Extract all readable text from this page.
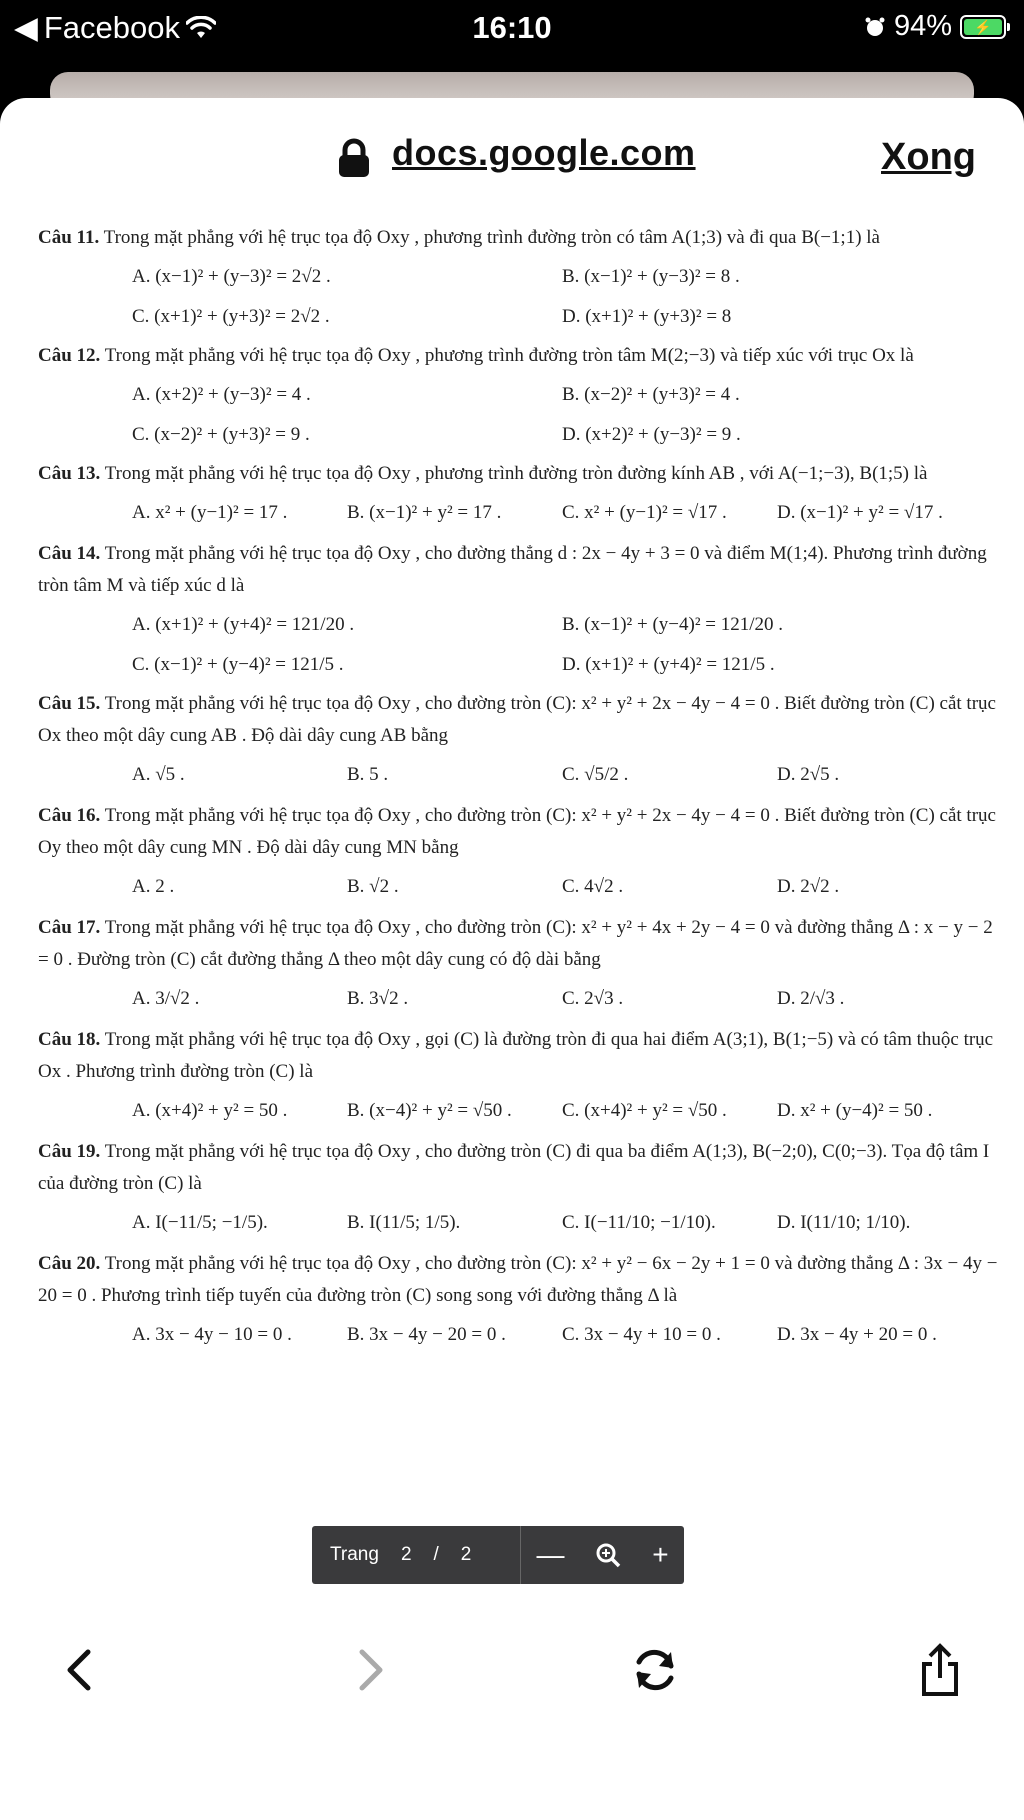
◀ Facebook	16:10	94%	⚡
docs.google.com	Xong

Câu 11. Trong mặt phẳng với hệ trục tọa độ Oxy , phương trình đường tròn có tâm A(1;3) và đi qua B(−1;1) là

A. (x−1)² + (y−3)² = 2√2 .	B. (x−1)² + (y−3)² = 8 .
C. (x+1)² + (y+3)² = 2√2 .	D. (x+1)² + (y+3)² = 8

Câu 12. Trong mặt phẳng với hệ trục tọa độ Oxy , phương trình đường tròn tâm M(2;−3) và tiếp xúc với trục Ox là

A. (x+2)² + (y−3)² = 4 .	B. (x−2)² + (y+3)² = 4 .
C. (x−2)² + (y+3)² = 9 .	D. (x+2)² + (y−3)² = 9 .

Câu 13. Trong mặt phẳng với hệ trục tọa độ Oxy , phương trình đường tròn đường kính AB , với A(−1;−3), B(1;5) là

A. x² + (y−1)² = 17 .	B. (x−1)² + y² = 17 .	C. x² + (y−1)² = √17 .	D. (x−1)² + y² = √17 .

Câu 14. Trong mặt phẳng với hệ trục tọa độ Oxy , cho đường thẳng d : 2x − 4y + 3 = 0 và điểm M(1;4). Phương trình đường tròn tâm M và tiếp xúc d là

A. (x+1)² + (y+4)² = 121/20 .	B. (x−1)² + (y−4)² = 121/20 .
C. (x−1)² + (y−4)² = 121/5 .	D. (x+1)² + (y+4)² = 121/5 .

Câu 15. Trong mặt phẳng với hệ trục tọa độ Oxy , cho đường tròn (C): x² + y² + 2x − 4y − 4 = 0 . Biết đường tròn (C) cắt trục Ox theo một dây cung AB . Độ dài dây cung AB bằng

A. √5 .	B. 5 .	C. √5/2 .	D. 2√5 .

Câu 16. Trong mặt phẳng với hệ trục tọa độ Oxy , cho đường tròn (C): x² + y² + 2x − 4y − 4 = 0 . Biết đường tròn (C) cắt trục Oy theo một dây cung MN . Độ dài dây cung MN bằng

A. 2 .	B. √2 .	C. 4√2 .	D. 2√2 .

Câu 17. Trong mặt phẳng với hệ trục tọa độ Oxy , cho đường tròn (C): x² + y² + 4x + 2y − 4 = 0 và đường thẳng Δ : x − y − 2 = 0 . Đường tròn (C) cắt đường thẳng Δ theo một dây cung có độ dài bằng

A. 3/√2 .	B. 3√2 .	C. 2√3 .	D. 2/√3 .

Câu 18. Trong mặt phẳng với hệ trục tọa độ Oxy , gọi (C) là đường tròn đi qua hai điểm A(3;1), B(1;−5) và có tâm thuộc trục Ox . Phương trình đường tròn (C) là

A. (x+4)² + y² = 50 .	B. (x−4)² + y² = √50 .	C. (x+4)² + y² = √50 .	D. x² + (y−4)² = 50 .

Câu 19. Trong mặt phẳng với hệ trục tọa độ Oxy , cho đường tròn (C) đi qua ba điểm A(1;3), B(−2;0), C(0;−3). Tọa độ tâm I của đường tròn (C) là

A. I(−11/5; −1/5).	B. I(11/5; 1/5).	C. I(−11/10; −1/10).	D. I(11/10; 1/10).

Câu 20. Trong mặt phẳng với hệ trục tọa độ Oxy , cho đường tròn (C): x² + y² − 6x − 2y + 1 = 0 và đường thẳng Δ : 3x − 4y − 20 = 0 . Phương trình tiếp tuyến của đường tròn (C) song song với đường thẳng Δ là

A. 3x − 4y − 10 = 0 .	B. 3x − 4y − 20 = 0 .	C. 3x − 4y + 10 = 0 .	D. 3x − 4y + 20 = 0 .
Trang 2 / 2 —	+
